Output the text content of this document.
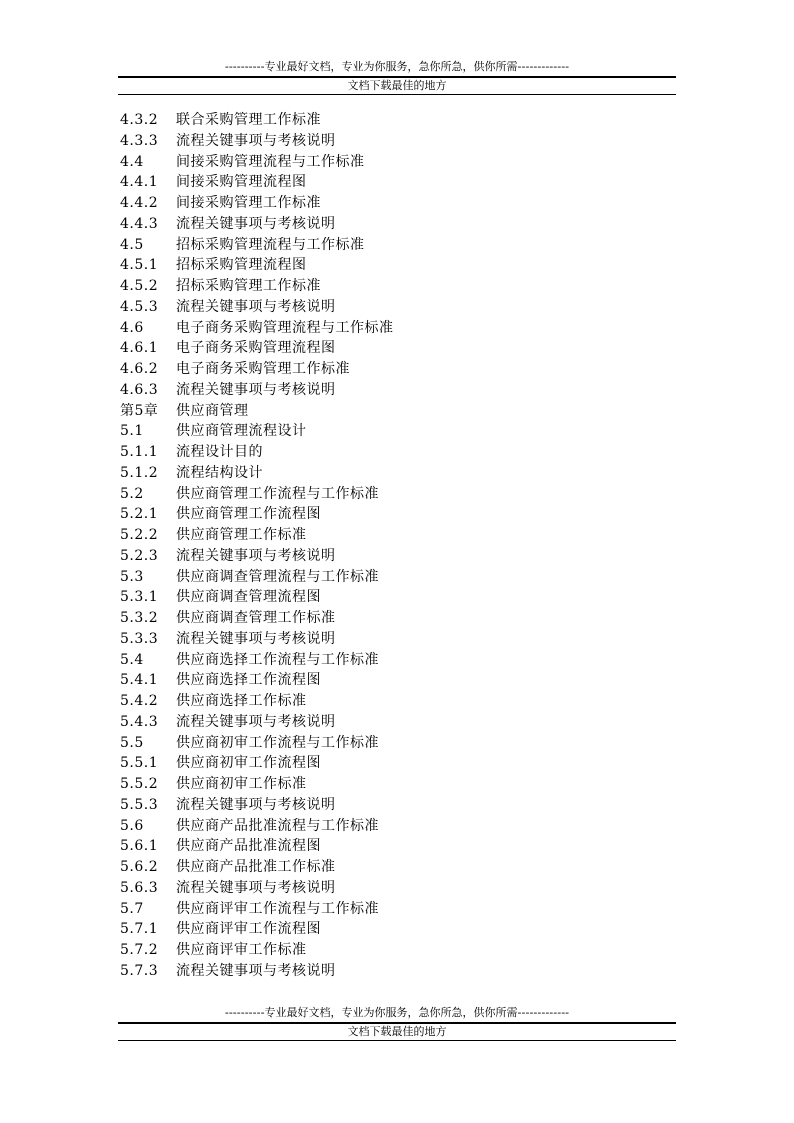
----------专业最好文档，专业为你服务，急你所急，供你所需-------------
文档下载最佳的地方
4.3.2 联合采购管理工作标准
4.3.3 流程关键事项与考核说明
4.4 间接采购管理流程与工作标准
4.4.1 间接采购管理流程图
4.4.2 间接采购管理工作标准
4.4.3 流程关键事项与考核说明
4.5 招标采购管理流程与工作标准
4.5.1 招标采购管理流程图
4.5.2 招标采购管理工作标准
4.5.3 流程关键事项与考核说明
4.6 电子商务采购管理流程与工作标准
4.6.1 电子商务采购管理流程图
4.6.2 电子商务采购管理工作标准
4.6.3 流程关键事项与考核说明
第5章 供应商管理
5.1 供应商管理流程设计
5.1.1 流程设计目的
5.1.2 流程结构设计
5.2 供应商管理工作流程与工作标准
5.2.1 供应商管理工作流程图
5.2.2 供应商管理工作标准
5.2.3 流程关键事项与考核说明
5.3 供应商调查管理流程与工作标准
5.3.1 供应商调查管理流程图
5.3.2 供应商调查管理工作标准
5.3.3 流程关键事项与考核说明
5.4 供应商选择工作流程与工作标准
5.4.1 供应商选择工作流程图
5.4.2 供应商选择工作标准
5.4.3 流程关键事项与考核说明
5.5 供应商初审工作流程与工作标准
5.5.1 供应商初审工作流程图
5.5.2 供应商初审工作标准
5.5.3 流程关键事项与考核说明
5.6 供应商产品批准流程与工作标准
5.6.1 供应商产品批准流程图
5.6.2 供应商产品批准工作标准
5.6.3 流程关键事项与考核说明
5.7 供应商评审工作流程与工作标准
5.7.1 供应商评审工作流程图
5.7.2 供应商评审工作标准
5.7.3 流程关键事项与考核说明
----------专业最好文档，专业为你服务，急你所急，供你所需-------------
文档下载最佳的地方
